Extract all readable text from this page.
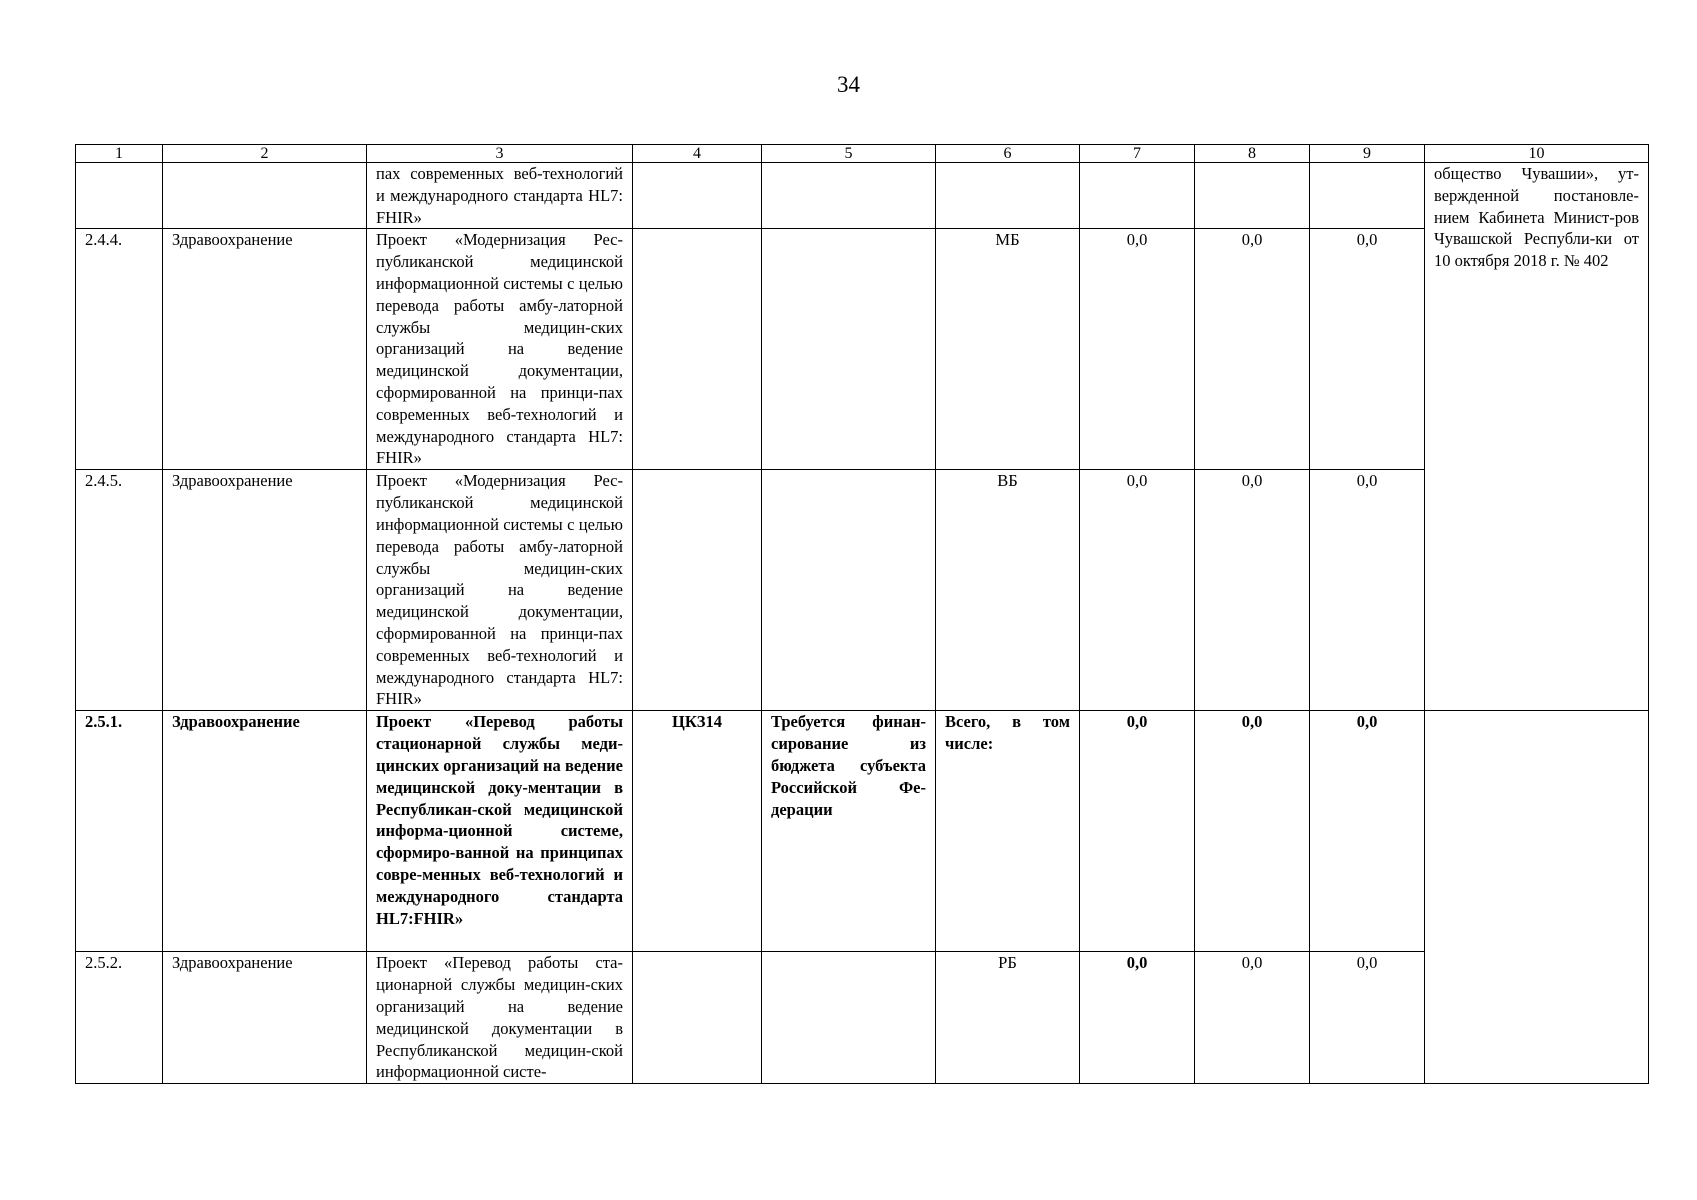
34
1	2	3	4	5	6	7	8	9	10
		пах современных веб-технологий и международного стандарта HL7: FHIR»							общество Чувашии», ут-вержденной постановле-нием Кабинета Минист-ров Чувашской Республи-ки от 10 октября 2018 г. № 402
2.4.4.	Здравоохранение	Проект «Модернизация Рес-публиканской медицинской информационной системы с целью перевода работы амбу-латорной службы медицин-ских организаций на ведение медицинской документации, сформированной на принци-пах современных веб-технологий и международного стандарта HL7: FHIR»			МБ	0,0	0,0	0,0	
2.4.5.	Здравоохранение	Проект «Модернизация Рес-публиканской медицинской информационной системы с целью перевода работы амбу-латорной службы медицин-ских организаций на ведение медицинской документации, сформированной на принци-пах современных веб-технологий и международного стандарта HL7: FHIR»			ВБ	0,0	0,0	0,0	
2.5.1.	Здравоохранение	Проект «Перевод работы стационарной службы меди-цинских организаций на ведение медицинской доку-ментации в Республикан-ской медицинской информа-ционной системе, сформиро-ванной на принципах совре-менных веб-технологий и международного стандарта HL7:FHIR»	ЦКЗ14	Требуется финан-сирование из бюджета субъекта Российской Фе-дерации	Всего, в том числе:	0,0	0,0	0,0	
2.5.2.	Здравоохранение	Проект «Перевод работы ста-ционарной службы медицин-ских организаций на ведение медицинской документации в Республиканской медицин-ской информационной систе-			РБ	0,0	0,0	0,0	
